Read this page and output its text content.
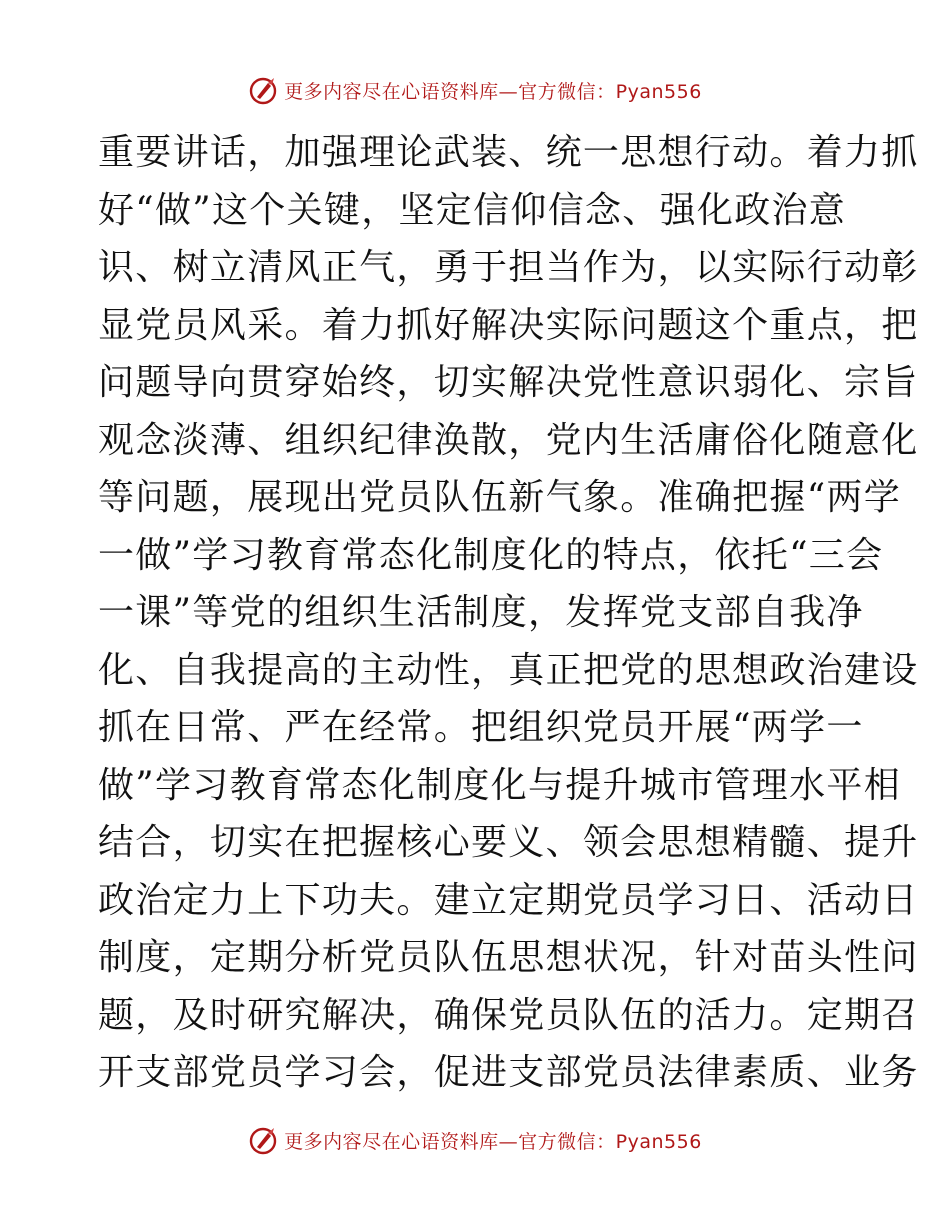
更多内容尽在心语资料库—官方微信：Pyan556
重要讲话，加强理论武装、统一思想行动。着力抓
好“做”这个关键，坚定信仰信念、强化政治意
识、树立清风正气，勇于担当作为，以实际行动彰
显党员风采。着力抓好解决实际问题这个重点，把
问题导向贯穿始终，切实解决党性意识弱化、宗旨
观念淡薄、组织纪律涣散，党内生活庸俗化随意化
等问题，展现出党员队伍新气象。准确把握“两学
一做”学习教育常态化制度化的特点，依托“三会
一课”等党的组织生活制度，发挥党支部自我净
化、自我提高的主动性，真正把党的思想政治建设
抓在日常、严在经常。把组织党员开展“两学一
做”学习教育常态化制度化与提升城市管理水平相
结合，切实在把握核心要义、领会思想精髓、提升
政治定力上下功夫。建立定期党员学习日、活动日
制度，定期分析党员队伍思想状况，针对苗头性问
题，及时研究解决，确保党员队伍的活力。定期召
开支部党员学习会，促进支部党员法律素质、业务
更多内容尽在心语资料库—官方微信：Pyan556
